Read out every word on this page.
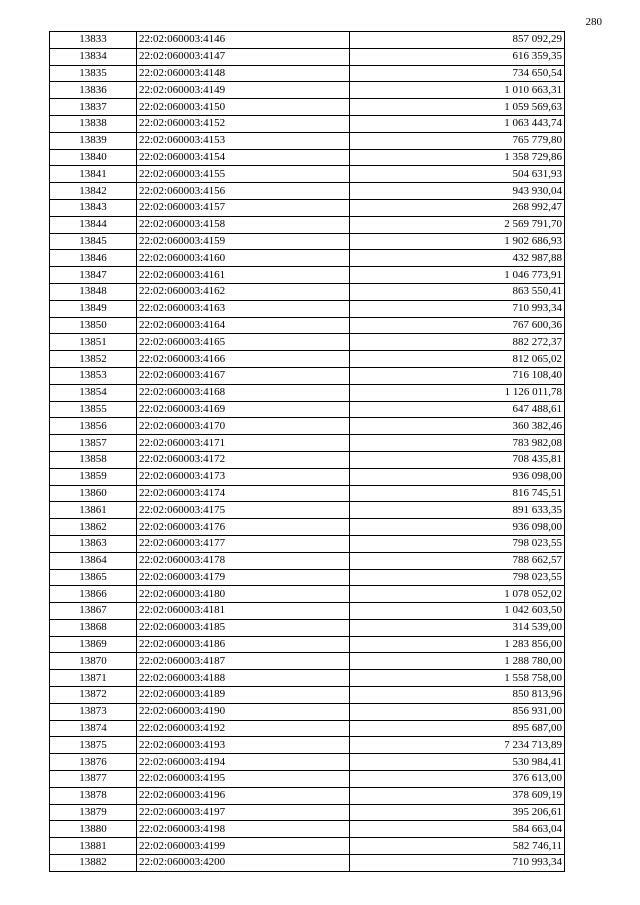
280
13833	22:02:060003:4146	857 092,29
13834	22:02:060003:4147	616 359,35
13835	22:02:060003:4148	734 650,54
13836	22:02:060003:4149	1 010 663,31
13837	22:02:060003:4150	1 059 569,63
13838	22:02:060003:4152	1 063 443,74
13839	22:02:060003:4153	765 779,80
13840	22:02:060003:4154	1 358 729,86
13841	22:02:060003:4155	504 631,93
13842	22:02:060003:4156	943 930,04
13843	22:02:060003:4157	268 992,47
13844	22:02:060003:4158	2 569 791,70
13845	22:02:060003:4159	1 902 686,93
13846	22:02:060003:4160	432 987,88
13847	22:02:060003:4161	1 046 773,91
13848	22:02:060003:4162	863 550,41
13849	22:02:060003:4163	710 993,34
13850	22:02:060003:4164	767 600,36
13851	22:02:060003:4165	882 272,37
13852	22:02:060003:4166	812 065,02
13853	22:02:060003:4167	716 108,40
13854	22:02:060003:4168	1 126 011,78
13855	22:02:060003:4169	647 488,61
13856	22:02:060003:4170	360 382,46
13857	22:02:060003:4171	783 982,08
13858	22:02:060003:4172	708 435,81
13859	22:02:060003:4173	936 098,00
13860	22:02:060003:4174	816 745,51
13861	22:02:060003:4175	891 633,35
13862	22:02:060003:4176	936 098,00
13863	22:02:060003:4177	798 023,55
13864	22:02:060003:4178	788 662,57
13865	22:02:060003:4179	798 023,55
13866	22:02:060003:4180	1 078 052,02
13867	22:02:060003:4181	1 042 603,50
13868	22:02:060003:4185	314 539,00
13869	22:02:060003:4186	1 283 856,00
13870	22:02:060003:4187	1 288 780,00
13871	22:02:060003:4188	1 558 758,00
13872	22:02:060003:4189	850 813,96
13873	22:02:060003:4190	856 931,00
13874	22:02:060003:4192	895 687,00
13875	22:02:060003:4193	7 234 713,89
13876	22:02:060003:4194	530 984,41
13877	22:02:060003:4195	376 613,00
13878	22:02:060003:4196	378 609,19
13879	22:02:060003:4197	395 206,61
13880	22:02:060003:4198	584 663,04
13881	22:02:060003:4199	582 746,11
13882	22:02:060003:4200	710 993,34
